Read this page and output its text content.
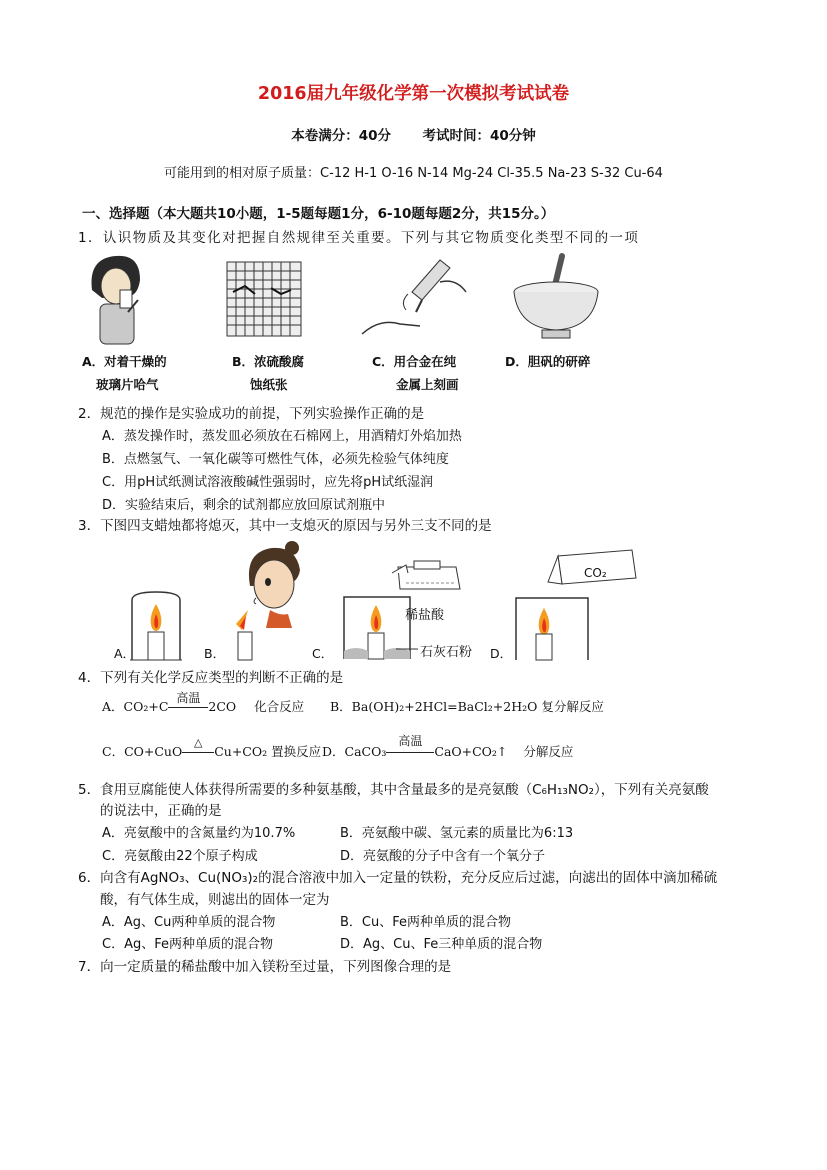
2016届九年级化学第一次模拟考试试卷
本卷满分：40分 考试时间：40分钟
可能用到的相对原子质量：C-12 H-1 O-16 N-14 Mg-24 Cl-35.5 Na-23 S-32 Cu-64
一、选择题（本大题共10小题，1-5题每题1分，6-10题每题2分，共15分。）
1．认识物质及其变化对把握自然规律至关重要。下列与其它物质变化类型不同的一项
A．对着干燥的
玻璃片哈气
B．浓硫酸腐
蚀纸张
C．用合金在纯
金属上刻画
D．胆矾的研碎
2．规范的操作是实验成功的前提，下列实验操作正确的是
A．蒸发操作时，蒸发皿必须放在石棉网上，用酒精灯外焰加热
B．点燃氢气、一氧化碳等可燃性气体，必须先检验气体纯度
C．用pH试纸测试溶液酸碱性强弱时，应先将pH试纸湿润
D．实验结束后，剩余的试剂都应放回原试剂瓶中
3．下图四支蜡烛都将熄灭，其中一支熄灭的原因与另外三支不同的是
A．	B．
稀盐酸
石灰石粉
C．
CO₂
D．
4．下列有关化学反应类型的判断不正确的是
A．CO₂+C
高温
2CO 化合反应 B．Ba(OH)₂+2HCl=BaCl₂+2H₂O 复分解反应
C．CO+CuO
△
Cu+CO₂ 置换反应 D．CaCO₃
高温
CaO+CO₂↑ 分解反应
5．食用豆腐能使人体获得所需要的多种氨基酸，其中含量最多的是亮氨酸（C₆H₁₃NO₂），下列有关亮氨酸
的说法中，正确的是
A．亮氨酸中的含氮量约为10.7%	B．亮氨酸中碳、氢元素的质量比为6:13
C．亮氨酸由22个原子构成	D．亮氨酸的分子中含有一个氧分子
6．向含有AgNO₃、Cu(NO₃)₂的混合溶液中加入一定量的铁粉，充分反应后过滤，向滤出的固体中滴加稀硫
酸，有气体生成，则滤出的固体一定为
A．Ag、Cu两种单质的混合物	B．Cu、Fe两种单质的混合物
C．Ag、Fe两种单质的混合物	D．Ag、Cu、Fe三种单质的混合物
7．向一定质量的稀盐酸中加入镁粉至过量，下列图像合理的是
